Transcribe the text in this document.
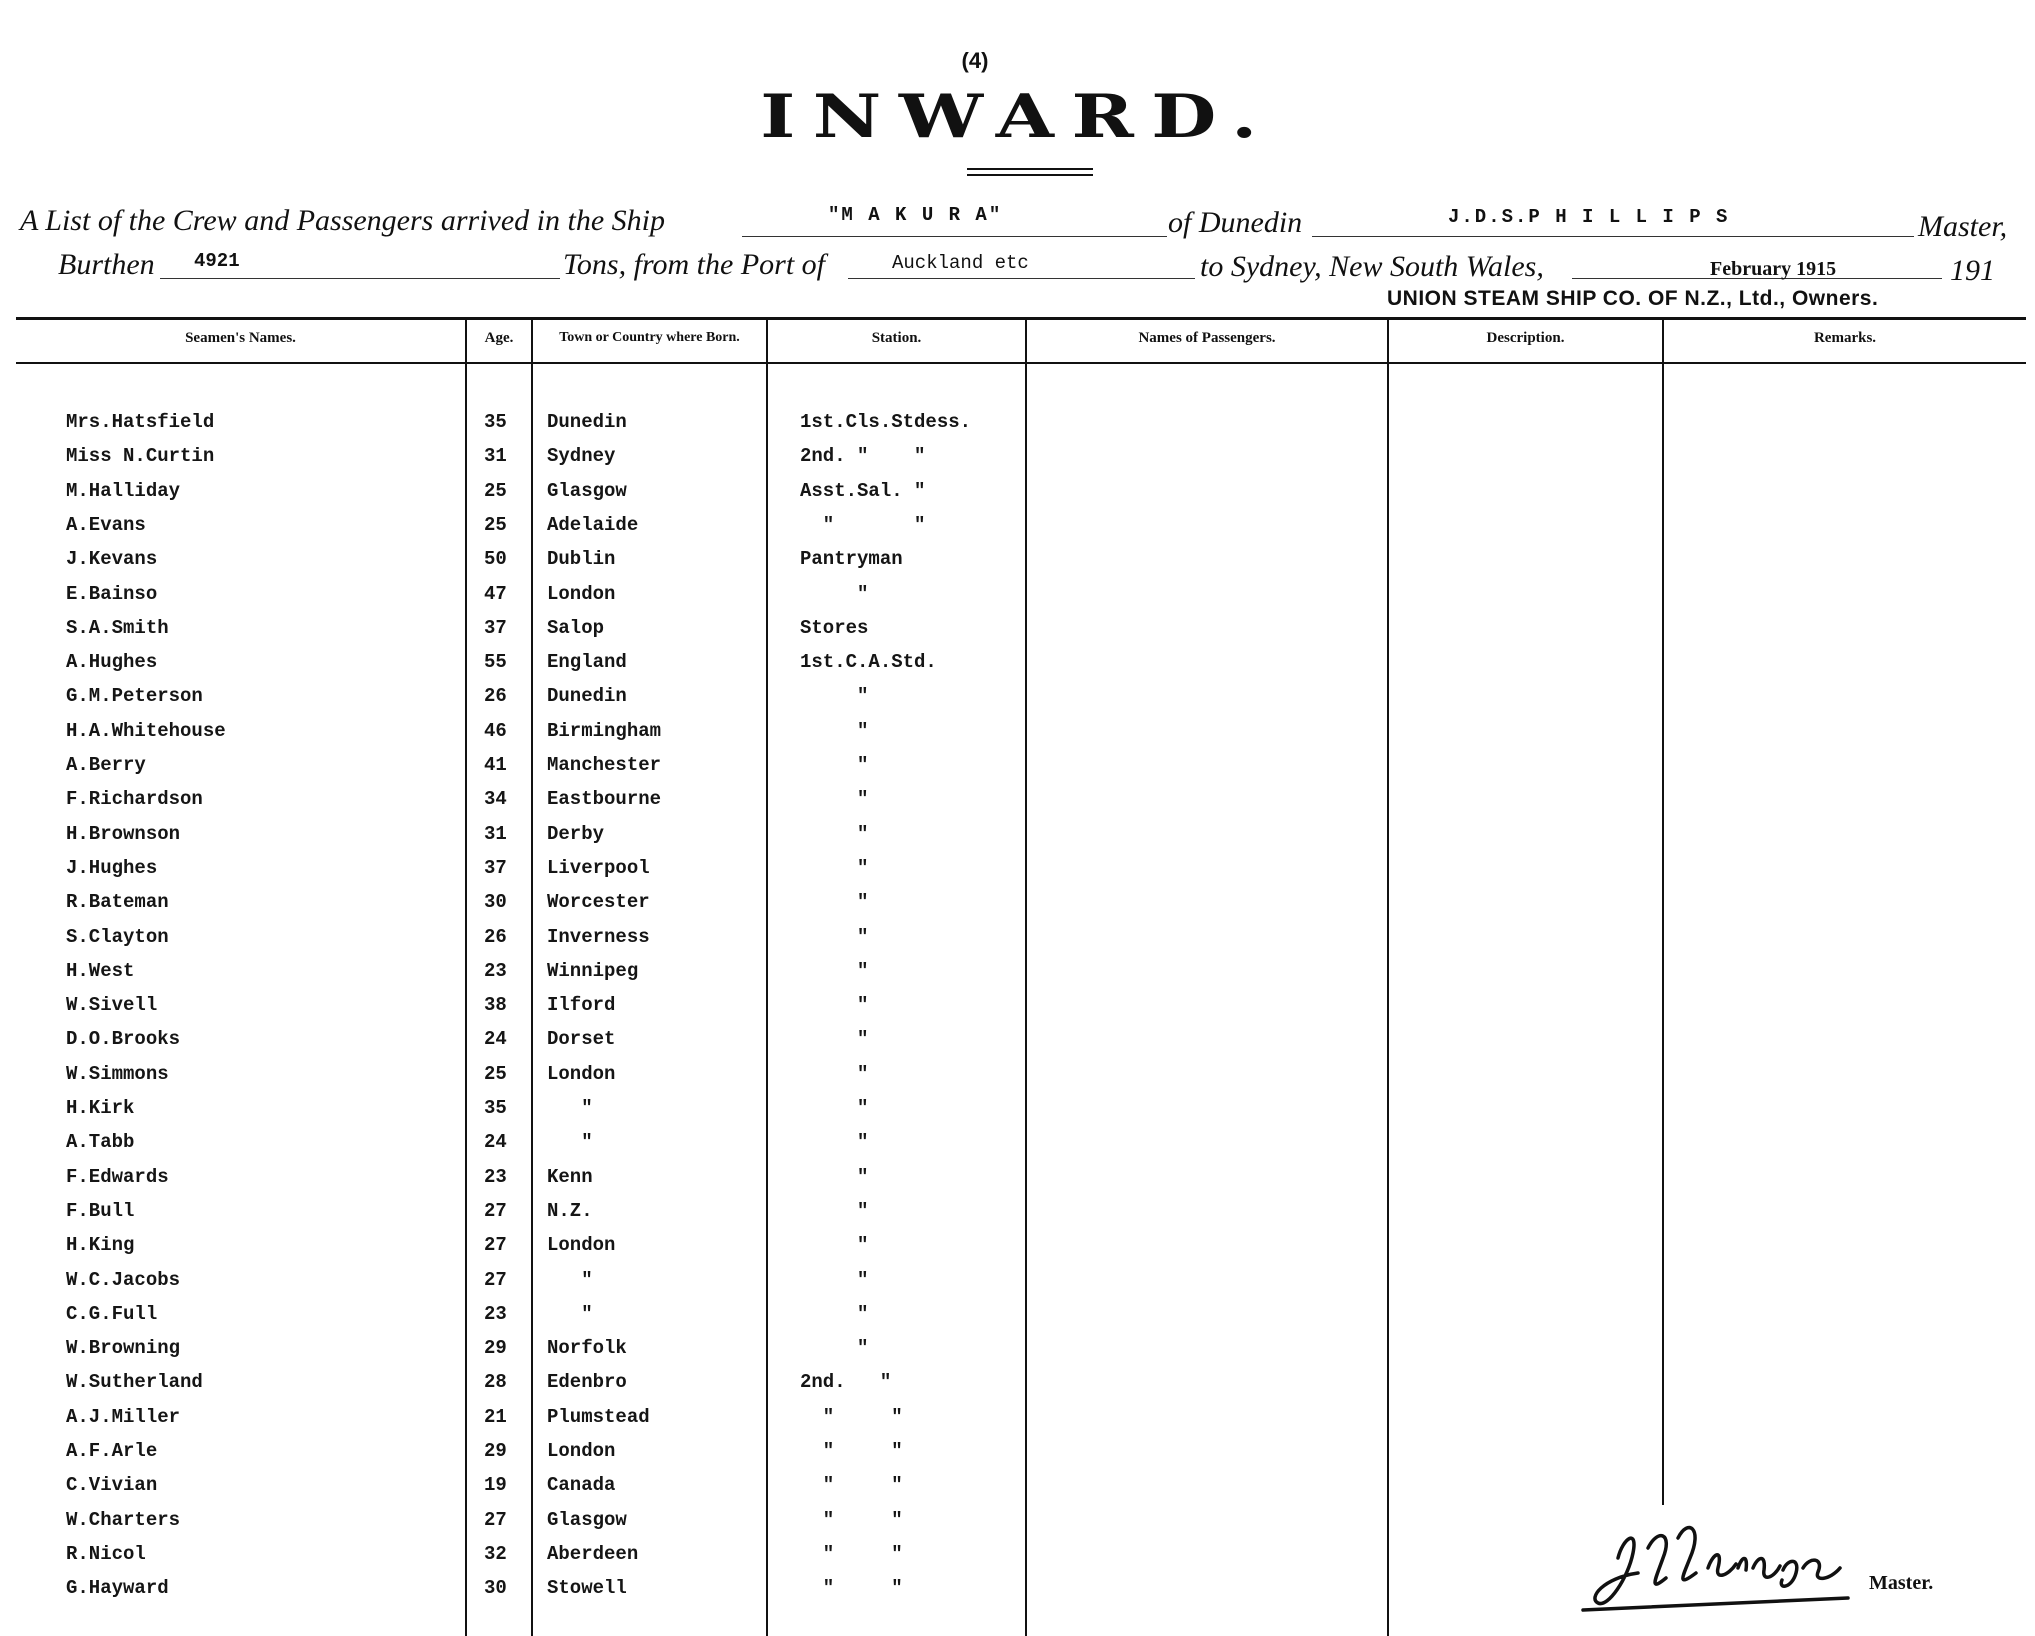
(4)
INWARD.
A List of the Crew and Passengers arrived in the Ship	"M A K U R A"	of Dunedin	J.D.S.P H I L L I P S	Master,
Burthen 4921	Tons, from the Port of	Auckland etc	to Sydney, New South Wales,	February 1915	191
UNION STEAM SHIP CO. OF N.Z., Ltd., Owners.
Seamen's Names.	Age.	Town or Country where Born.	Station.	Names of Passengers.	Description.	Remarks.
Mrs.Hatsfield	35 Dunedin	1st.Cls.Stdess.
Miss N.Curtin	31 Sydney	2nd. "    "
M.Halliday	25 Glasgow	Asst.Sal. "
A.Evans	25 Adelaide	"       "
J.Kevans	50 Dublin	Pantryman
E.Bainso	47 London	"
S.A.Smith	37 Salop	Stores
A.Hughes	55 England	1st.C.A.Std.
G.M.Peterson	26 Dunedin	"
H.A.Whitehouse	46 Birmingham	"
A.Berry	41 Manchester	"
F.Richardson	34 Eastbourne	"
H.Brownson	31 Derby	"
J.Hughes	37 Liverpool	"
R.Bateman	30 Worcester	"
S.Clayton	26 Inverness	"
H.West	23 Winnipeg	"
W.Sivell	38 Ilford	"
D.O.Brooks	24 Dorset	"
W.Simmons	25 London	"
H.Kirk	35 "	"
A.Tabb	24 "	"
F.Edwards	23 Kenn	"
F.Bull	27 N.Z.	"
H.King	27 London	"
W.C.Jacobs	27 "	"
C.G.Full	23 "	"
W.Browning	29 Norfolk	"
W.Sutherland	28 Edenbro	2nd.   "
A.J.Miller	21 Plumstead	"     "
A.F.Arle	29 London	"     "
C.Vivian	19 Canada	"     "
W.Charters	27 Glasgow	"     "
R.Nicol	32 Aberdeen	"     "
G.Hayward	30 Stowell	"     "
J.D.S.Phillips
Master.
